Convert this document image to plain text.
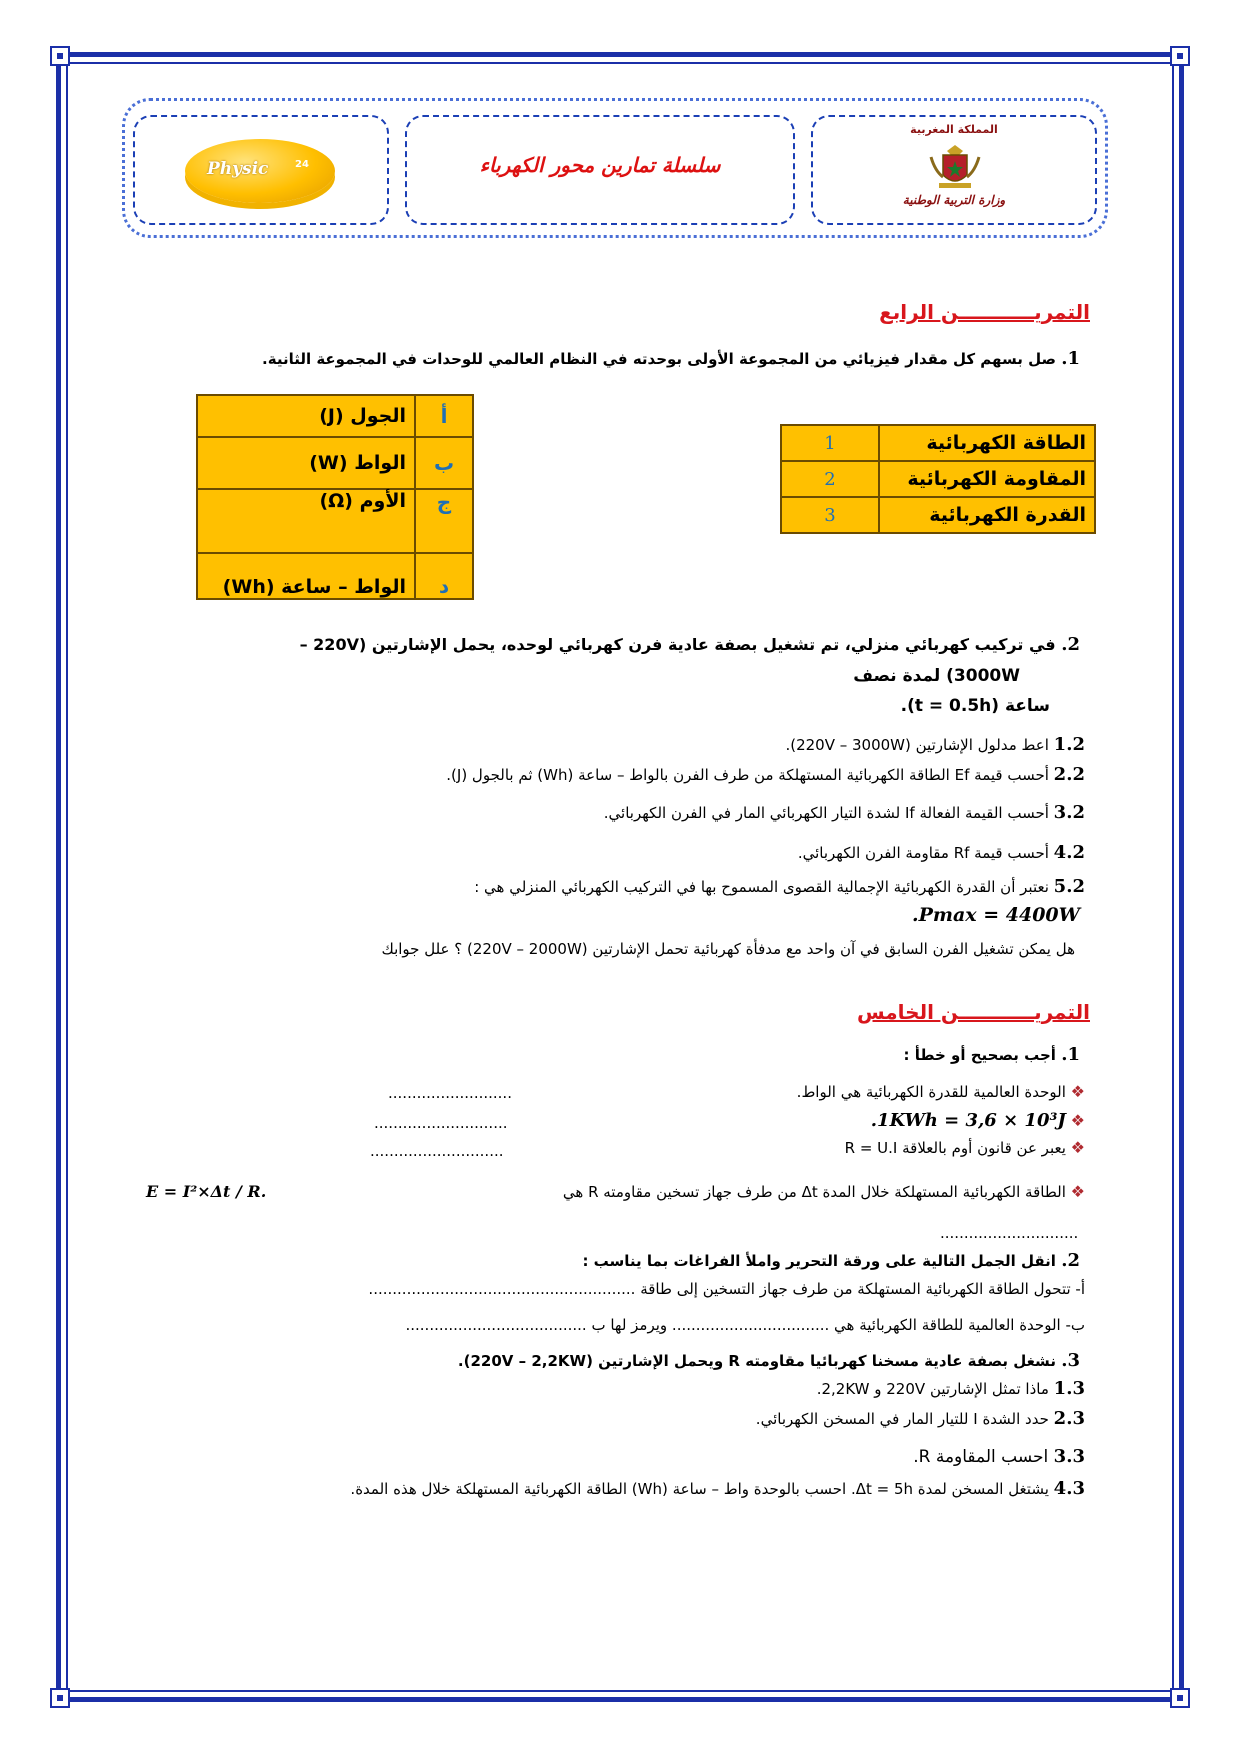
Physic	24	سلسلة تمارين محور الكهرباء
المملكة المغربية
وزارة التربية الوطنية
التمريـــــــــــن الرابع
1. صل بسهم كل مقدار فيزيائي من المجموعة الأولى بوحدته في النظام العالمي للوحدات في المجموعة الثانية.
أ	الجول (J)
ب	الواط (W)
ج	الأوم (Ω)
د	الواط – ساعة (Wh)
الطاقة الكهربائية	1
المقاومة الكهربائية	2
القدرة الكهربائية	3
2. في تركيب كهربائي منزلي، تم تشغيل بصفة عادية فرن كهربائي لوحده، يحمل الإشارتين (220V –
3000W) لمدة نصف
ساعة (t = 0.5h).
1.2 اعط مدلول الإشارتين (220V – 3000W).
2.2 أحسب قيمة Ef الطاقة الكهربائية المستهلكة من طرف الفرن بالواط – ساعة (Wh) ثم بالجول (J).
3.2 أحسب القيمة الفعالة If لشدة التيار الكهربائي المار في الفرن الكهربائي.
4.2 أحسب قيمة Rf مقاومة الفرن الكهربائي.
5.2 نعتبر أن القدرة الكهربائية الإجمالية القصوى المسموح بها في التركيب الكهربائي المنزلي هي :
Pmax = 4400W.
هل يمكن تشغيل الفرن السابق في آن واحد مع مدفأة كهربائية تحمل الإشارتين (220V – 2000W) ؟ علل جوابك
التمريـــــــــــن الخامس
1. أجب بصحيح أو خطأ :
❖ الوحدة العالمية للقدرة الكهربائية هي الواط.
..........................
❖ 1KWh = 3,6 × 10³J.
............................
❖ يعبر عن قانون أوم بالعلاقة R = U.I
............................
❖ الطاقة الكهربائية المستهلكة خلال المدة Δt من طرف جهاز تسخين مقاومته R هي
E = I²×Δt / R.
.............................
2. انقل الجمل التالية على ورقة التحرير واملأ الفراغات بما يناسب :
أ- تتحول الطاقة الكهربائية المستهلكة من طرف جهاز التسخين إلى طاقة ........................................................
ب- الوحدة العالمية للطاقة الكهربائية هي ................................. ويرمز لها ب ......................................
3. نشغل بصفة عادية مسخنا كهربائيا مقاومته R ويحمل الإشارتين (220V – 2,2KW).
1.3 ماذا تمثل الإشارتين 220V و 2,2KW.
2.3 حدد الشدة I للتيار المار في المسخن الكهربائي.
3.3 احسب المقاومة R.
4.3 يشتغل المسخن لمدة Δt = 5h. احسب بالوحدة واط – ساعة (Wh) الطاقة الكهربائية المستهلكة خلال هذه المدة.
